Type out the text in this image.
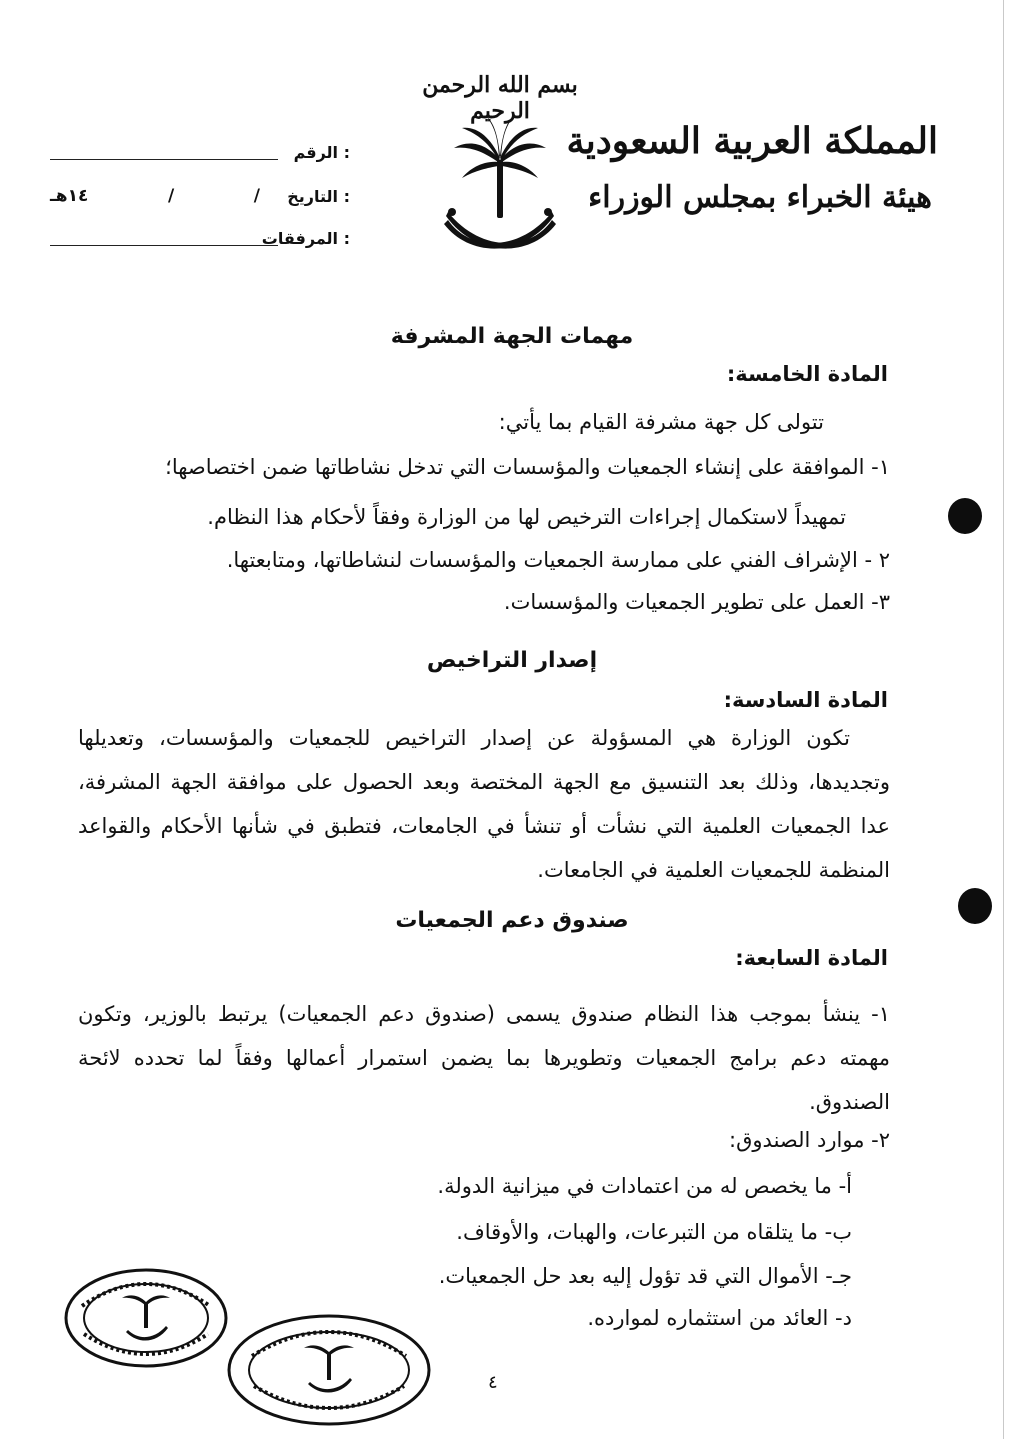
بسم الله الرحمن الرحيم
المملكة العربية السعودية
هيئة الخبراء بمجلس الوزراء
الرقم :
١٤هـ	/	/ التاريخ :
المرفقات :
مهمات الجهة المشرفة
المادة الخامسة:
تتولى كل جهة مشرفة القيام بما يأتي:
١- الموافقة على إنشاء الجمعيات والمؤسسات التي تدخل نشاطاتها ضمن اختصاصها؛
تمهيداً لاستكمال إجراءات الترخيص لها من الوزارة وفقاً لأحكام هذا النظام.
٢ - الإشراف الفني على ممارسة الجمعيات والمؤسسات لنشاطاتها، ومتابعتها.
٣- العمل على تطوير الجمعيات والمؤسسات.
إصدار التراخيص
المادة السادسة:

تكون الوزارة هي المسؤولة عن إصدار التراخيص للجمعيات والمؤسسات، وتعديلها وتجديدها، وذلك بعد التنسيق مع الجهة المختصة وبعد الحصول على موافقة الجهة المشرفة، عدا الجمعيات العلمية التي نشأت أو تنشأ في الجامعات، فتطبق في شأنها الأحكام والقواعد المنظمة للجمعيات العلمية في الجامعات.

صندوق دعم الجمعيات
المادة السابعة:

١- ينشأ بموجب هذا النظام صندوق يسمى (صندوق دعم الجمعيات) يرتبط بالوزير، وتكون مهمته دعم برامج الجمعيات وتطويرها بما يضمن استمرار أعمالها وفقاً لما تحدده لائحة الصندوق.

٢- موارد الصندوق:
أ- ما يخصص له من اعتمادات في ميزانية الدولة.
ب- ما يتلقاه من التبرعات، والهبات، والأوقاف.
جـ- الأموال التي قد تؤول إليه بعد حل الجمعيات.
د- العائد من استثماره لموارده.
٤
